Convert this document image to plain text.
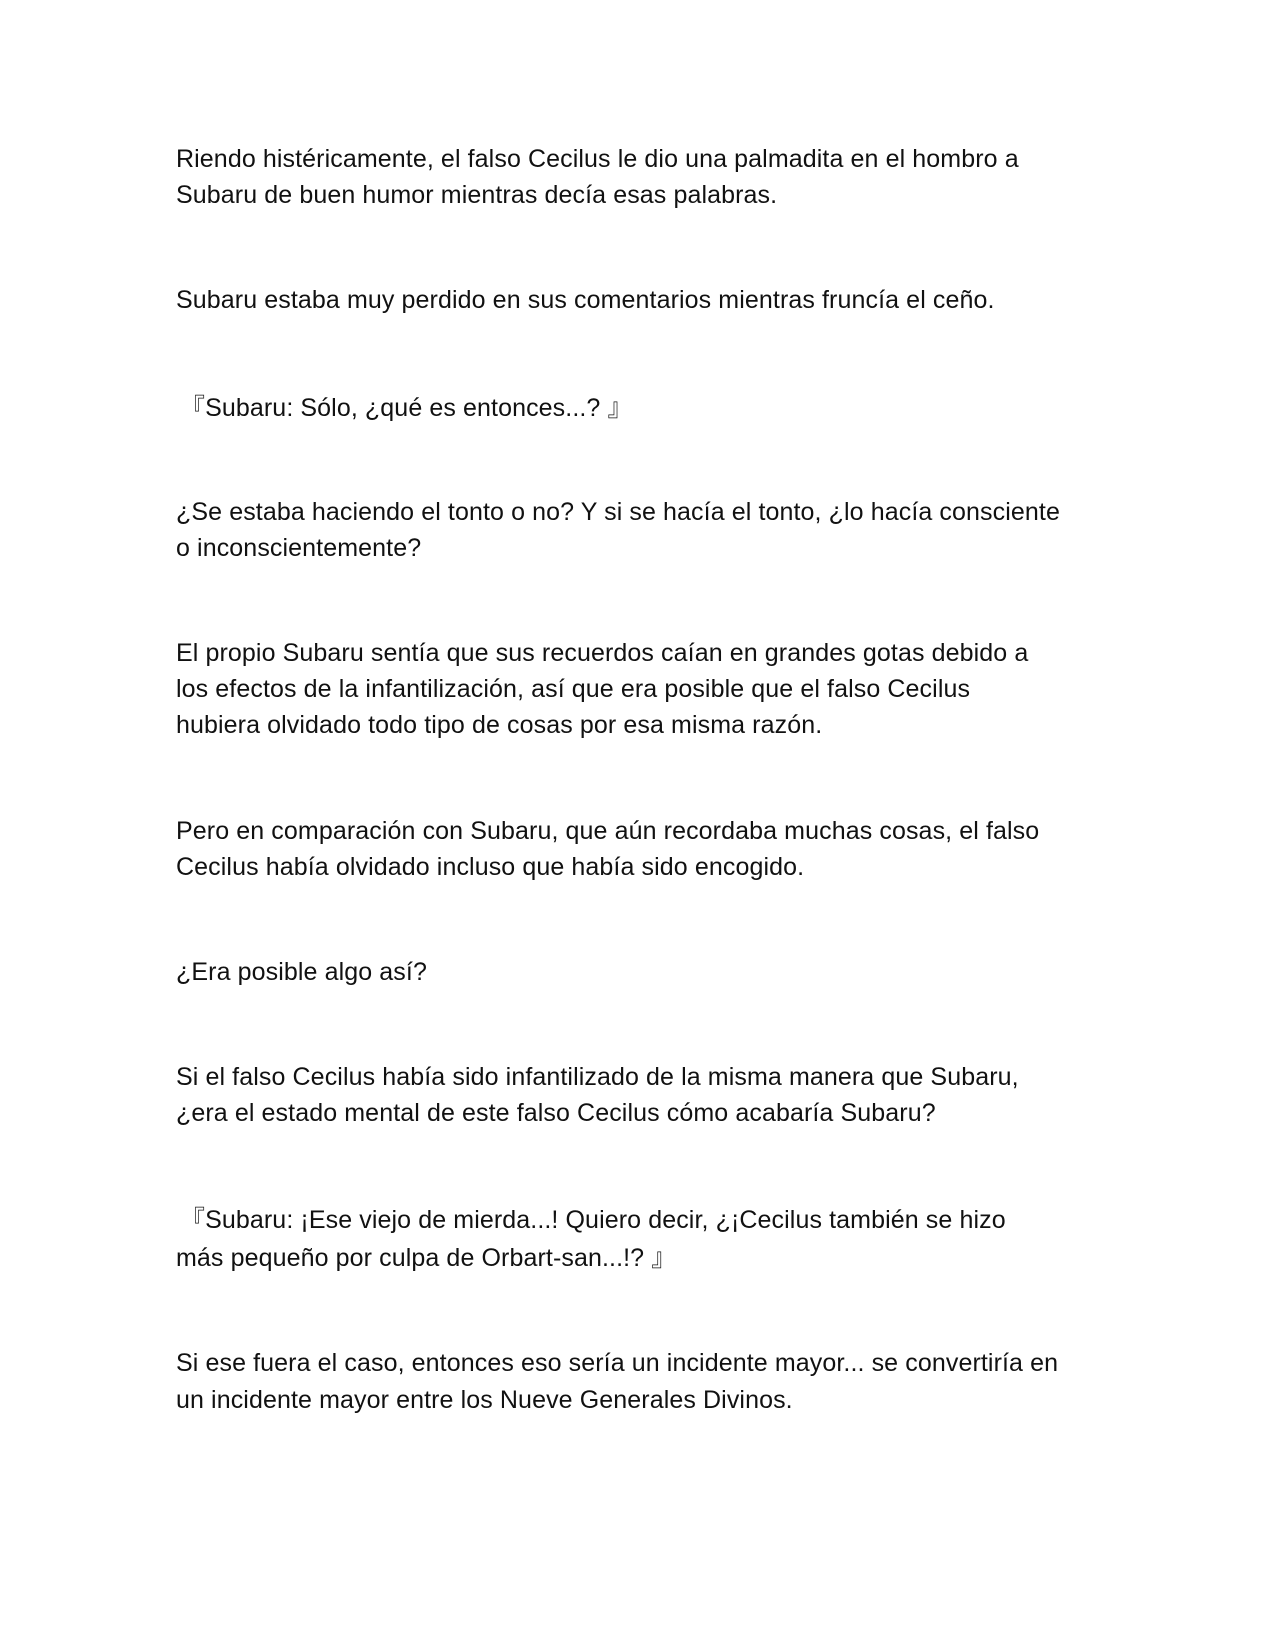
Riendo histéricamente, el falso Cecilus le dio una palmadita en el hombro a
Subaru de buen humor mientras decía esas palabras.
Subaru estaba muy perdido en sus comentarios mientras fruncía el ceño.
『Subaru: Sólo, ¿qué es entonces...? 』
¿Se estaba haciendo el tonto o no? Y si se hacía el tonto, ¿lo hacía consciente
o inconscientemente?
El propio Subaru sentía que sus recuerdos caían en grandes gotas debido a
los efectos de la infantilización, así que era posible que el falso Cecilus
hubiera olvidado todo tipo de cosas por esa misma razón.
Pero en comparación con Subaru, que aún recordaba muchas cosas, el falso
Cecilus había olvidado incluso que había sido encogido.
¿Era posible algo así?
Si el falso Cecilus había sido infantilizado de la misma manera que Subaru,
¿era el estado mental de este falso Cecilus cómo acabaría Subaru?
『Subaru: ¡Ese viejo de mierda...! Quiero decir, ¿¡Cecilus también se hizo
más pequeño por culpa de Orbart-san...!? 』
Si ese fuera el caso, entonces eso sería un incidente mayor... se convertiría en
un incidente mayor entre los Nueve Generales Divinos.
